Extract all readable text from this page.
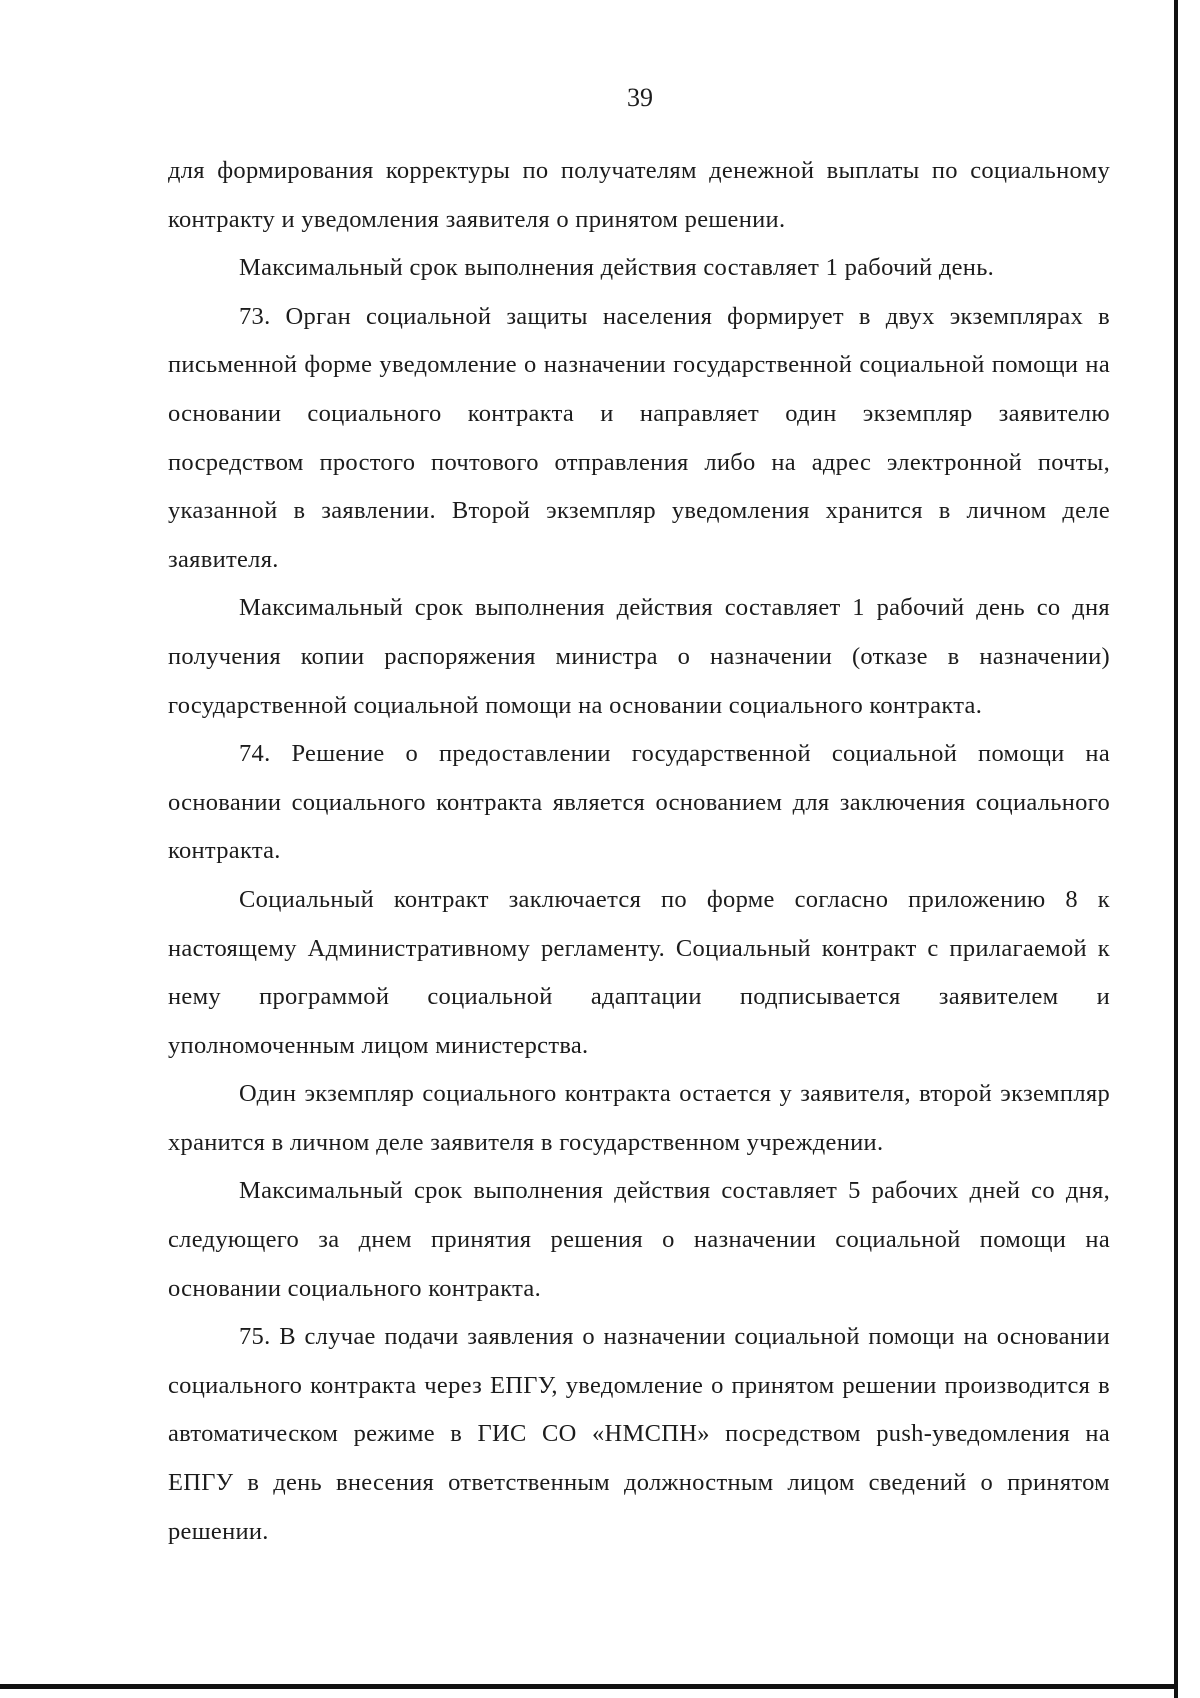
39

для формирования корректуры по получателям денежной выплаты по социальному контракту и уведомления заявителя о принятом решении.

Максимальный срок выполнения действия составляет 1 рабочий день.

73. Орган социальной защиты населения формирует в двух экземплярах в письменной форме уведомление о назначении государственной социальной помощи на основании социального контракта и направляет один экземпляр заявителю посредством простого почтового отправления либо на адрес электронной почты, указанной в заявлении. Второй экземпляр уведомления хранится в личном деле заявителя.

Максимальный срок выполнения действия составляет 1 рабочий день со дня получения копии распоряжения министра о назначении (отказе в назначении) государственной социальной помощи на основании социального контракта.

74. Решение о предоставлении государственной социальной помощи на основании социального контракта является основанием для заключения социального контракта.

Социальный контракт заключается по форме согласно приложению 8 к настоящему Административному регламенту. Социальный контракт с прилагаемой к нему программой социальной адаптации подписывается заявителем и уполномоченным лицом министерства.

Один экземпляр социального контракта остается у заявителя, второй экземпляр хранится в личном деле заявителя в государственном учреждении.

Максимальный срок выполнения действия составляет 5 рабочих дней со дня, следующего за днем принятия решения о назначении социальной помощи на основании социального контракта.

75. В случае подачи заявления о назначении социальной помощи на основании социального контракта через ЕПГУ, уведомление о принятом решении производится в автоматическом режиме в ГИС СО «НМСПН» посредством push-уведомления на ЕПГУ в день внесения ответственным должностным лицом сведений о принятом решении.
